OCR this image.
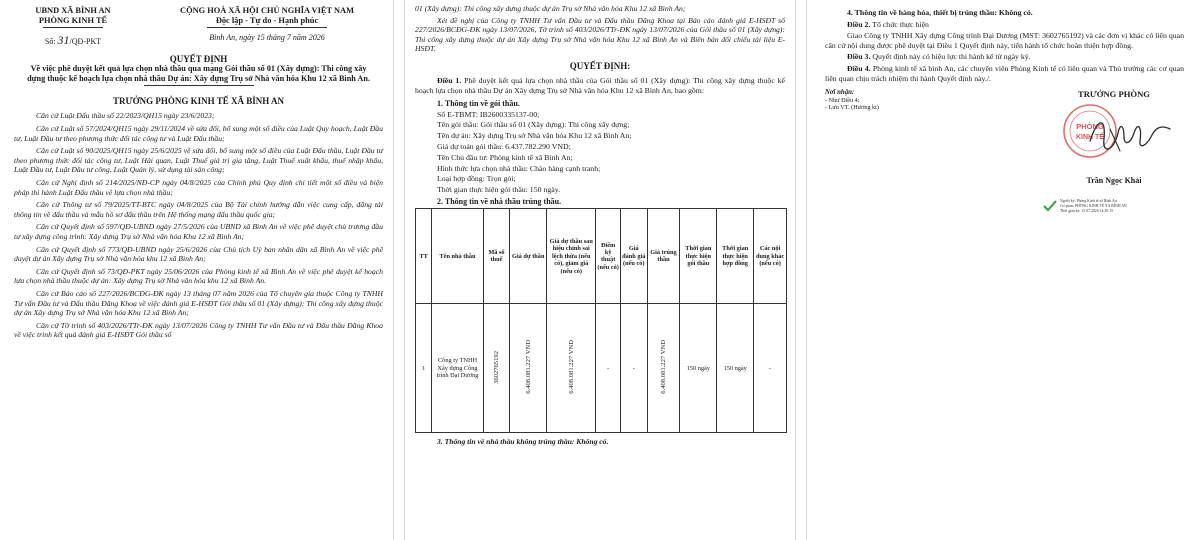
UBND XÃ BÌNH AN
PHÒNG KINH TẾ
CỘNG HOÀ XÃ HỘI CHỦ NGHĨA VIỆT NAM
Độc lập - Tự do - Hạnh phúc
Số: 31/QĐ-PKT	Bình An, ngày 15 tháng 7 năm 2026
QUYẾT ĐỊNH
Về việc phê duyệt kết quả lựa chọn nhà thầu qua mạng Gói thầu số 01 (Xây dựng): Thi công xây dựng thuộc kế hoạch lựa chọn nhà thầu Dự án: Xây dựng Trụ sở Nhà văn hóa Khu 12 xã Bình An.
TRƯỞNG PHÒNG KINH TẾ XÃ BÌNH AN

Căn cứ Luật Đấu thầu số 22/2023/QH15 ngày 23/6/2023;

Căn cứ Luật số 57/2024/QH15 ngày 29/11/2024 về sửa đổi, bổ sung một số điều của Luật Quy hoạch, Luật Đầu tư, Luật Đầu tư theo phương thức đối tác công tư và Luật Đấu thầu;

Căn cứ Luật số 90/2025/QH15 ngày 25/6/2025 về sửa đổi, bổ sung một số điều của Luật Đấu thầu, Luật Đầu tư theo phương thức đối tác công tư, Luật Hải quan, Luật Thuế giá trị gia tăng, Luật Thuế xuất khẩu, thuế nhập khẩu, Luật Đầu tư, Luật Đầu tư công, Luật Quản lý, sử dụng tài sản công;

Căn cứ Nghị định số 214/2025/NĐ-CP ngày 04/8/2025 của Chính phủ Quy định chi tiết một số điều và biện pháp thi hành Luật Đấu thầu về lựa chọn nhà thầu;

Căn cứ Thông tư số 79/2025/TT-BTC ngày 04/8/2025 của Bộ Tài chính hướng dẫn việc cung cấp, đăng tải thông tin về đấu thầu và mẫu hồ sơ đấu thầu trên Hệ thống mạng đấu thầu quốc gia;

Căn cứ Quyết định số 597/QĐ-UBND ngày 27/5/2026 của UBND xã Bình An về việc phê duyệt chủ trương đầu tư xây dựng công trình: Xây dựng Trụ sở Nhà văn hóa Khu 12 xã Bình An;

Căn cứ Quyết định số 773/QĐ-UBND ngày 25/6/2026 của Chủ tịch Uỷ ban nhân dân xã Bình An về việc phê duyệt dự án Xây dựng Trụ sở Nhà văn hóa khu 12 xã Bình An;

Căn cứ Quyết định số 73/QĐ-PKT ngày 25/06/2026 của Phòng kinh tế xã Bình An về việc phê duyệt kế hoạch lựa chọn nhà thầu thuộc dự án: Xây dựng Trụ sở Nhà văn hóa khu 12 xã Bình An.

Căn cứ Báo cáo số 227/2026/BCĐG-ĐK ngày 13 tháng 07 năm 2026 của Tổ chuyên gia thuộc Công ty TNHH Tư vấn Đầu tư và Đấu thầu Đăng Khoa về việc đánh giá E-HSĐT Gói thầu số 01 (Xây dựng): Thi công xây dựng thuộc dự án Xây dựng Trụ sở Nhà văn hóa Khu 12 xã Bình An;

Căn cứ Tờ trình số 403/2026/TTr-ĐK ngày 13/07/2026 Công ty TNHH Tư vấn Đầu tư và Đấu thầu Đăng Khoa về việc trình kết quả đánh giá E-HSĐT Gói thầu số

01 (Xây dựng): Thi công xây dựng thuộc dự án Trụ sở Nhà văn hóa Khu 12 xã Bình An;

Xét đề nghị của Công ty TNHH Tư vấn Đầu tư và Đấu thầu Đăng Khoa tại Báo cáo đánh giá E-HSĐT số 227/2026/BCĐG-ĐK ngày 13/07/2026, Tờ trình số 403/2026/TTr-ĐK ngày 13/07/2026 của Gói thầu số 01 (Xây dựng): Thi công xây dựng thuộc dự án Xây dựng Trụ sở Nhà văn hóa Khu 12 xã Bình An và Biên bản đối chiếu tài liệu E-HSĐT.

QUYẾT ĐỊNH:

Điều 1. Phê duyệt kết quả lựa chọn nhà thầu của Gói thầu số 01 (Xây dựng): Thi công xây dựng thuộc kế hoạch lựa chọn nhà thầu Dự án Xây dựng Trụ sở Nhà văn hóa Khu 12 xã Bình An, bao gồm:

1. Thông tin về gói thầu.
Số E-TBMT: IB2600335137-00;
Tên gói thầu: Gói thầu số 01 (Xây dựng): Thi công xây dựng;
Tên dự án: Xây dựng Trụ sở Nhà văn hóa Khu 12 xã Bình An;
Giá dự toán gói thầu: 6.437.782.290 VND;
Tên Chủ đầu tư: Phòng kinh tế xã Bình An;
Hình thức lựa chọn nhà thầu: Chào hàng cạnh tranh;
Loại hợp đồng: Trọn gói;
Thời gian thực hiện gói thầu: 150 ngày.
2. Thông tin về nhà thầu trúng thầu.
TT	Tên nhà thầu	Mã số thuế	Giá dự thầu	Giá dự thầu sau hiệu chỉnh sai lệch thừa (nếu có), giảm giá (nếu có)	Điểm kỹ thuật (nếu có)	Giá đánh giá (nếu có)	Giá trúng thầu	Thời gian thực hiện gói thầu	Thời gian thực hiện hợp đồng	Các nội dung khác (nếu có)
1	Công ty TNHH Xây dựng Công trình Đại Dương	3602765192	6.408.081.227 VND	6.408.081.227 VND	-	-	6.408.081.227 VND	150 ngày	150 ngày	-
3. Thông tin về nhà thầu không trúng thầu: Không có.

4. Thông tin về hàng hóa, thiết bị trúng thầu: Không có.

Điều 2. Tổ chức thực hiện

Giao Công ty TNHH Xây dựng Công trình Đại Dương (MST: 3602765192) và các đơn vị khác có liên quan căn cứ nội dung được phê duyệt tại Điều 1 Quyết định này, tiến hành tổ chức hoàn thiện hợp đồng.

Điều 3. Quyết định này có hiệu lực thi hành kể từ ngày ký.

Điều 4. Phòng kinh tế xã bình An, các chuyên viên Phòng Kinh tế có liên quan và Thủ trưởng các cơ quan liên quan chịu trách nhiệm thi hành Quyết định này./.

Nơi nhận:
- Như Điều 4;
- Lưu VT. (Hương kt)
TRƯỞNG PHÒNG
PHÒNG
KINH TẾ
Trần Ngọc Khải
Người ký: Phòng Kinh tế xã Bình An
Cơ quan: PHÒNG KINH TẾ XÃ BÌNH AN
Thời gian ký: 15.07.2026 14:30:15
